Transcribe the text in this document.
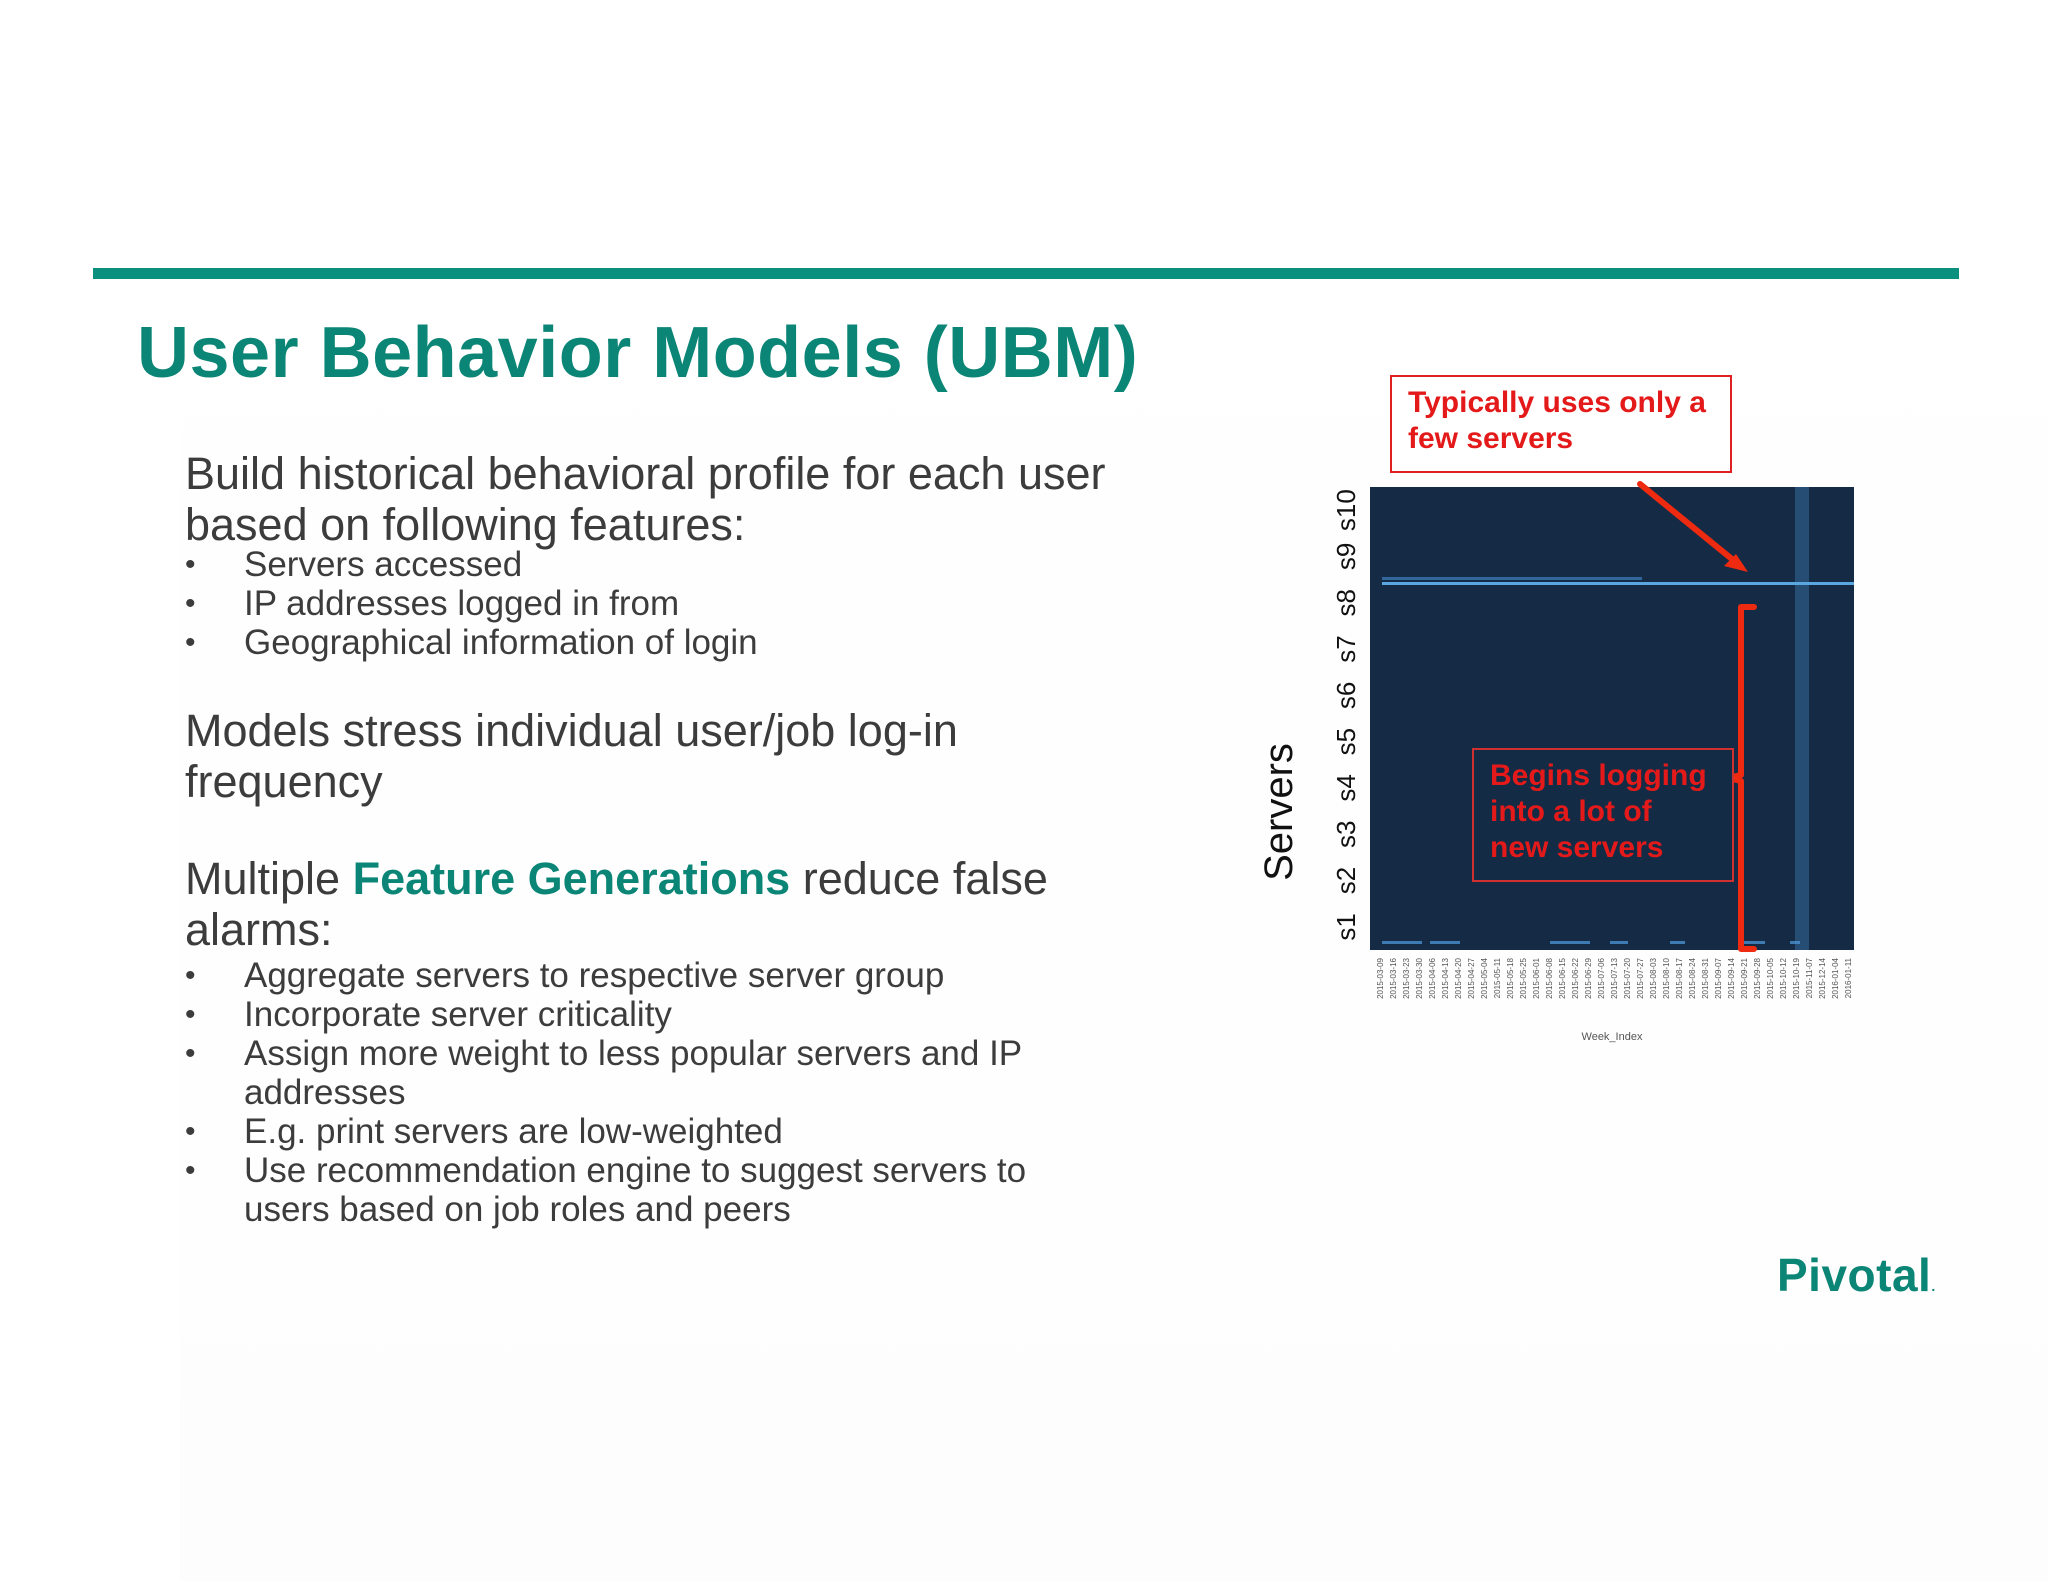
User Behavior Models (UBM)

Build historical behavioral profile for each user based on following features:

• Servers accessed
• IP addresses logged in from
• Geographical information of login

Models stress individual user/job log-in frequency

Multiple Feature Generations reduce false alarms:

• Aggregate servers to respective server group
• Incorporate server criticality
• Assign more weight to less popular servers and IP addresses
• E.g. print servers are low-weighted
• Use recommendation engine to suggest servers to users based on job roles and peers
Servers
s1
s2
s3
s4
s5
s6
s7
s8
s9
s10
2015-03-09 2015-03-16 2015-03-23 2015-03-30 2015-04-06 2015-04-13 2015-04-20 2015-04-27 2015-05-04 2015-05-11 2015-05-18 2015-05-25 2015-06-01 2015-06-08 2015-06-15 2015-06-22 2015-06-29 2015-07-06 2015-07-13 2015-07-20 2015-07-27 2015-08-03 2015-08-10 2015-08-17 2015-08-24 2015-08-31 2015-09-07 2015-09-14 2015-09-21 2015-09-28 2015-10-05 2015-10-12 2015-10-19 2015-11-07 2015-12-14 2016-01-04 2016-01-11
Week_Index
Typically uses only a few servers
Begins logging into a lot of new servers
Pivotal.
